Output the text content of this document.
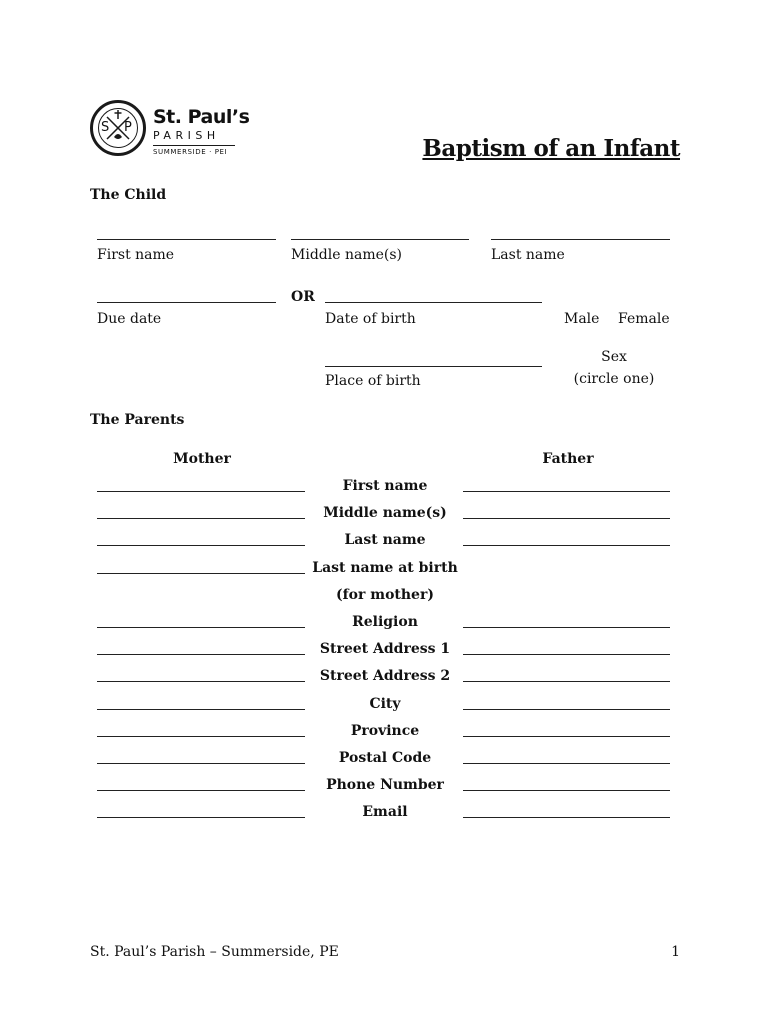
S P St. Paul’s
PARISH
SUMMERSIDE · PEI	Baptism of an Infant
The Child
First name	Middle name(s)	Last name
OR
Due date	Date of birth	Male Female
Sex
(circle one)
Place of birth
The Parents
Mother	Father
First name
Middle name(s)
Last name
Last name at birth
(for mother)
Religion
Street Address 1
Street Address 2
City
Province
Postal Code
Phone Number
Email
St. Paul’s Parish – Summerside, PE	1
